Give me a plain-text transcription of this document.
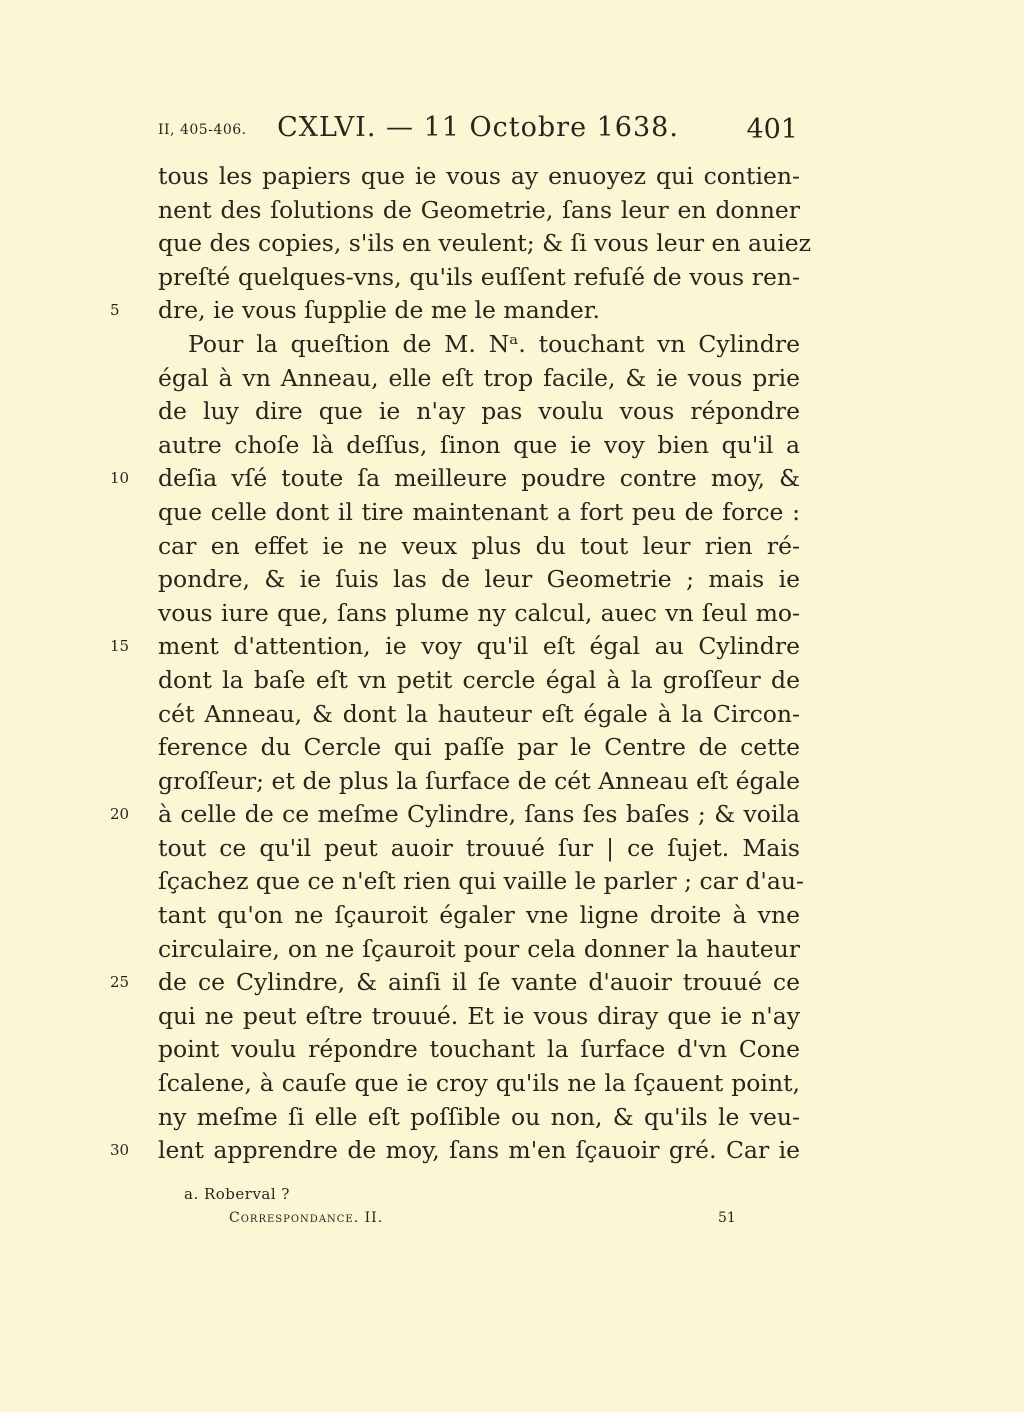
II, 405-406.	CXLVI. — 11 Octobre 1638.	401
tous les papiers que ie vous ay enuoyez qui contien-
nent des ſolutions de Geometrie, ſans leur en donner
que des copies, s'ils en veulent; & ſi vous leur en auiez
preſté quelques-vns, qu'ils euſſent refuſé de vous ren-
5	dre, ie vous ſupplie de me le mander.
Pour la queſtion de M. Nᵃ. touchant vn Cylindre
égal à vn Anneau, elle eſt trop facile, & ie vous prie
de luy dire que ie n'ay pas voulu vous répondre
autre choſe là deſſus, ſinon que ie voy bien qu'il a
10	deſia vſé toute ſa meilleure poudre contre moy, &
que celle dont il tire maintenant a fort peu de force :
car en effet ie ne veux plus du tout leur rien ré-
pondre, & ie ſuis las de leur Geometrie ; mais ie
vous iure que, ſans plume ny calcul, auec vn ſeul mo-
15	ment d'attention, ie voy qu'il eſt égal au Cylindre
dont la baſe eſt vn petit cercle égal à la groſſeur de
cét Anneau, & dont la hauteur eſt égale à la Circon-
ference du Cercle qui paſſe par le Centre de cette
groſſeur; et de plus la ſurface de cét Anneau eſt égale
20	à celle de ce meſme Cylindre, ſans ſes baſes ; & voila
tout ce qu'il peut auoir trouué ſur | ce ſujet. Mais
ſçachez que ce n'eſt rien qui vaille le parler ; car d'au-
tant qu'on ne ſçauroit égaler vne ligne droite à vne
circulaire, on ne ſçauroit pour cela donner la hauteur
25	de ce Cylindre, & ainſi il ſe vante d'auoir trouué ce
qui ne peut eſtre trouué. Et ie vous diray que ie n'ay
point voulu répondre touchant la ſurface d'vn Cone
ſcalene, à cauſe que ie croy qu'ils ne la ſçauent point,
ny meſme ſi elle eſt poſſible ou non, & qu'ils le veu-
30	lent apprendre de moy, ſans m'en ſçauoir gré. Car ie
a. Roberval ?
Correspondance. II.	51
